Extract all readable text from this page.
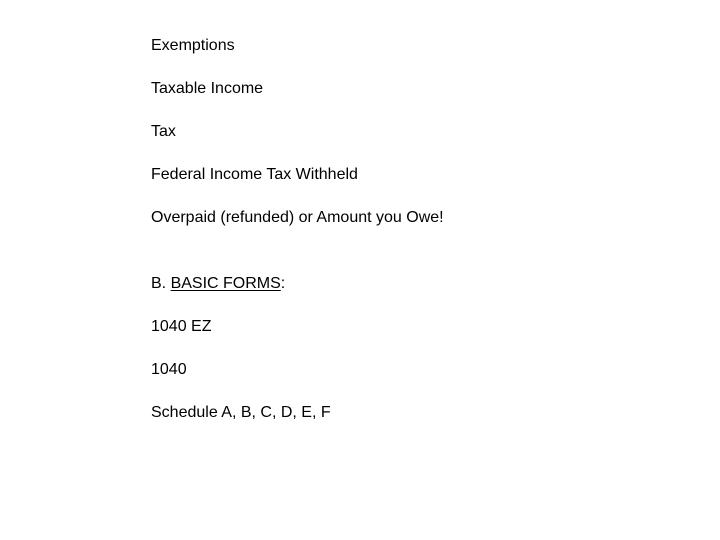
Exemptions
Taxable Income
Tax
Federal Income Tax Withheld
Overpaid (refunded) or Amount you Owe!
B. BASIC FORMS:
1040 EZ
1040
Schedule A, B, C, D, E, F
